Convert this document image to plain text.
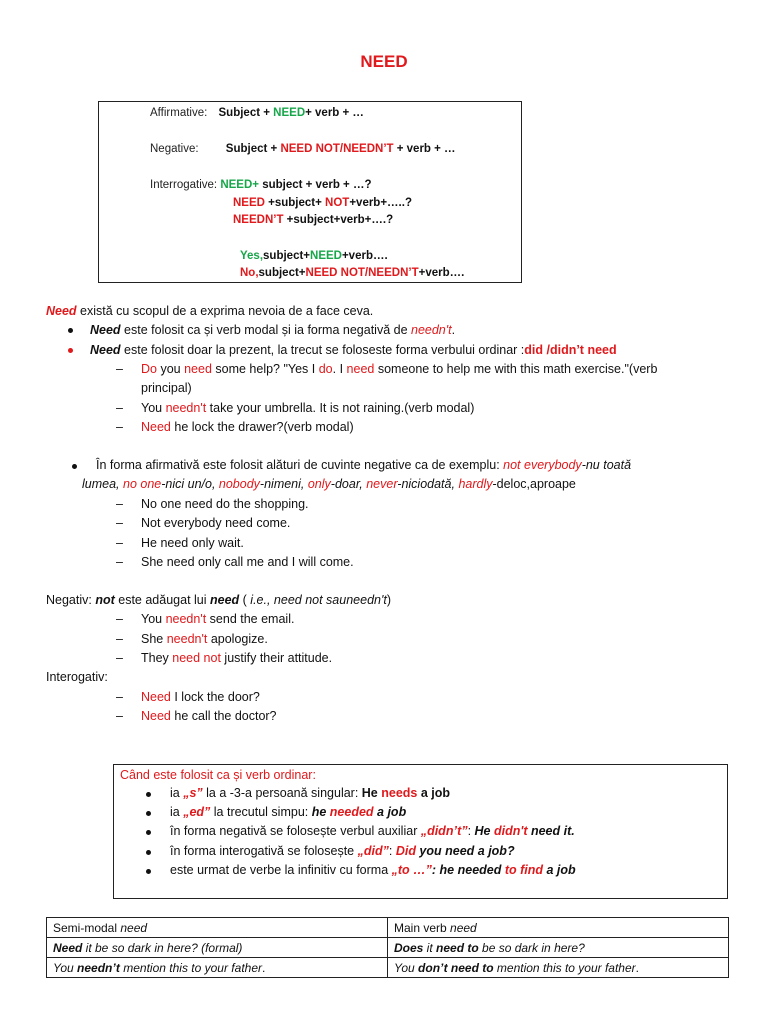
NEED
Affirmative: Subject + NEED+ verb + …
Negative: Subject + NEED NOT/NEEDN’T + verb + …
Interrogative: NEED+ subject + verb + …?
NEED +subject+ NOT+verb+…..?
NEEDN’T +subject+verb+….?
Yes,subject+NEED+verb….
No,subject+NEED NOT/NEEDN’T+verb….
Need există cu scopul de a exprima nevoia de a face ceva.
Need este folosit ca și verb modal și ia forma negativă de needn't.
Need este folosit doar la prezent, la trecut se foloseste forma verbului ordinar :did /didn’t need
– Do you need some help? "Yes I do. I need someone to help me with this math exercise."(verb
principal)
– You needn't take your umbrella. It is not raining.(verb modal)
– Need he lock the drawer?(verb modal)
În forma afirmativă este folosit alături de cuvinte negative ca de exemplu: not everybody-nu toată
lumea, no one-nici un/o, nobody-nimeni, only-doar, never-niciodată, hardly-deloc,aproape
– No one need do the shopping.
– Not everybody need come.
– He need only wait.
– She need only call me and I will come.
Negativ: not este adăugat lui need ( i.e., need not sauneedn't)
– You needn't send the email.
– She needn't apologize.
– They need not justify their attitude.
Interogativ:
– Need I lock the door?
– Need he call the doctor?
Când este folosit ca și verb ordinar:
ia „s” la a -3-a persoană singular: He needs a job
ia „ed” la trecutul simpu: he needed a job
în forma negativă se folosește verbul auxiliar „didn’t”: He didn't need it.
în forma interogativă se folosește „did”: Did you need a job?
este urmat de verbe la infinitiv cu forma „to …”: he needed to find a job
Semi-modal need	Main verb need
Need it be so dark in here? (formal)	Does it need to be so dark in here?
You needn’t mention this to your father.	You don’t need to mention this to your father.
